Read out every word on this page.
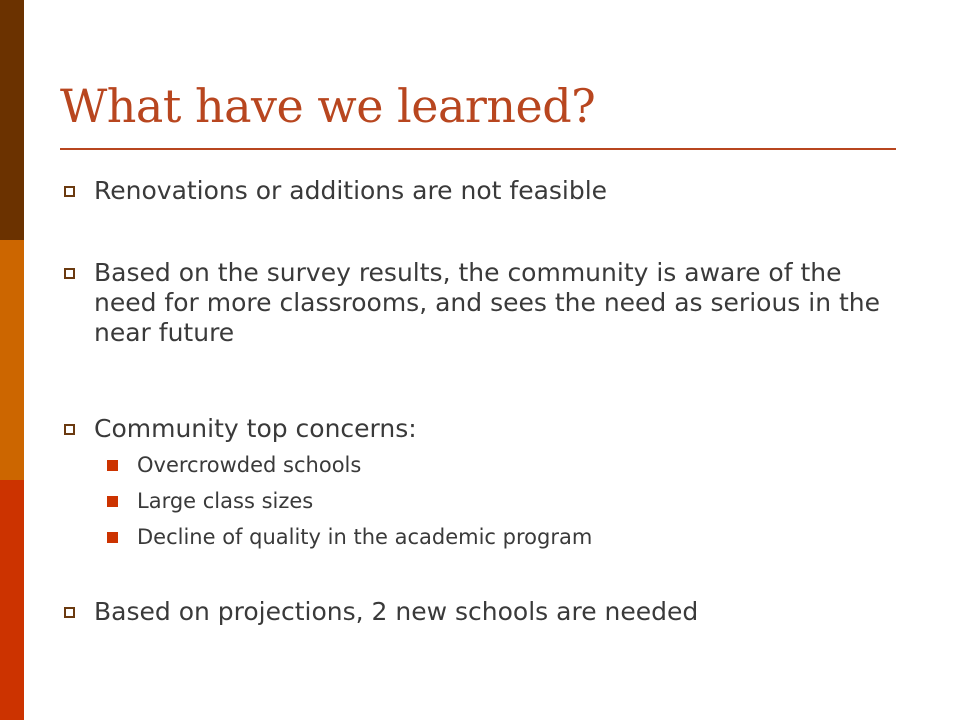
What have we learned?
Renovations or additions are not feasible
Based on the survey results, the community is aware of the need for more classrooms, and sees the need as serious in the near future
Community top concerns:
Overcrowded schools
Large class sizes
Decline of quality in the academic program
Based on projections, 2 new schools are needed
